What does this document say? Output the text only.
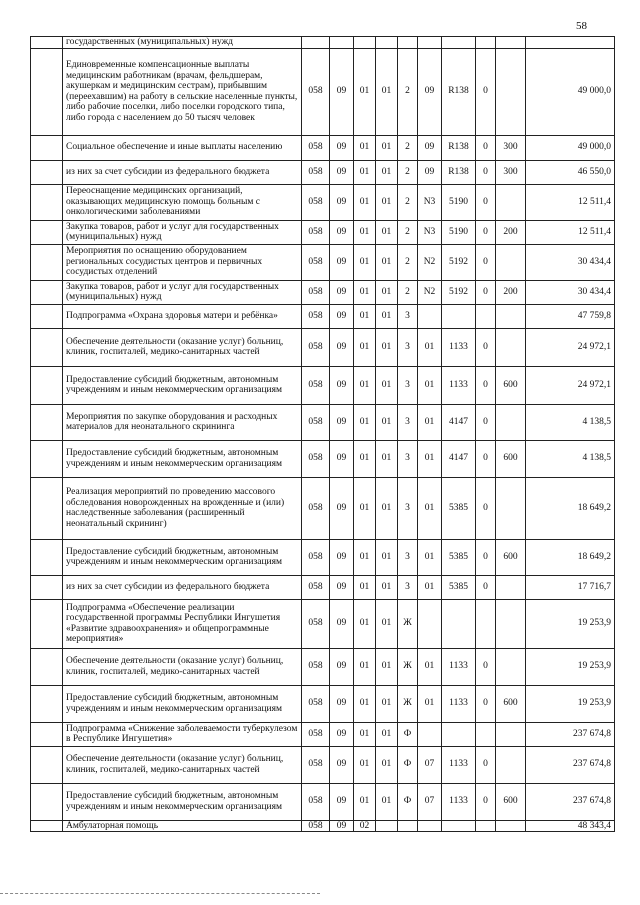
58
	государственных (муниципальных) нужд										
	Единовременные компенсационные выплаты медицинским работникам (врачам, фельдшерам, акушеркам и медицинским сестрам), прибывшим (переехавшим) на работу в сельские населенные пункты, либо рабочие поселки, либо поселки городского типа, либо города с населением до 50 тысяч человек	058	09	01	01	2	09	R138	0		49 000,0
	Социальное обеспечение и иные выплаты населению	058	09	01	01	2	09	R138	0	300	49 000,0
	из них за счет субсидии из федерального бюджета	058	09	01	01	2	09	R138	0	300	46 550,0
	Переоснащение медицинских организаций, оказывающих медицинскую помощь больным с онкологическими заболеваниями	058	09	01	01	2	N3	5190	0		12 511,4
	Закупка товаров, работ и услуг для государственных (муниципальных) нужд	058	09	01	01	2	N3	5190	0	200	12 511,4
	Мероприятия по оснащению оборудованием региональных сосудистых центров и первичных сосудистых отделений	058	09	01	01	2	N2	5192	0		30 434,4
	Закупка товаров, работ и услуг для государственных (муниципальных) нужд	058	09	01	01	2	N2	5192	0	200	30 434,4
	Подпрограмма «Охрана здоровья матери и ребёнка»	058	09	01	01	3					47 759,8
	Обеспечение деятельности (оказание услуг) больниц, клиник, госпиталей, медико-санитарных частей	058	09	01	01	3	01	1133	0		24 972,1
	Предоставление субсидий бюджетным, автономным учреждениям и иным некоммерческим организациям	058	09	01	01	3	01	1133	0	600	24 972,1
	Мероприятия по закупке оборудования и расходных материалов для неонатального скрининга	058	09	01	01	3	01	4147	0		4 138,5
	Предоставление субсидий бюджетным, автономным учреждениям и иным некоммерческим организациям	058	09	01	01	3	01	4147	0	600	4 138,5
	Реализация мероприятий по проведению массового обследования новорожденных на врожденные и (или) наследственные заболевания (расширенный неонатальный скрининг)	058	09	01	01	3	01	5385	0		18 649,2
	Предоставление субсидий бюджетным, автономным учреждениям и иным некоммерческим организациям	058	09	01	01	3	01	5385	0	600	18 649,2
	из них за счет субсидии из федерального бюджета	058	09	01	01	3	01	5385	0		17 716,7
	Подпрограмма «Обеспечение реализации государственной программы Республики Ингушетия «Развитие здравоохранения» и общепрограммные мероприятия»	058	09	01	01	Ж					19 253,9
	Обеспечение деятельности (оказание услуг) больниц, клиник, госпиталей, медико-санитарных частей	058	09	01	01	Ж	01	1133	0		19 253,9
	Предоставление субсидий бюджетным, автономным учреждениям и иным некоммерческим организациям	058	09	01	01	Ж	01	1133	0	600	19 253,9
	Подпрограмма «Снижение заболеваемости туберкулезом в Республике Ингушетия»	058	09	01	01	Ф					237 674,8
	Обеспечение деятельности (оказание услуг) больниц, клиник, госпиталей, медико-санитарных частей	058	09	01	01	Ф	07	1133	0		237 674,8
	Предоставление субсидий бюджетным, автономным учреждениям и иным некоммерческим организациям	058	09	01	01	Ф	07	1133	0	600	237 674,8
	Амбулаторная помощь	058	09	02							48 343,4
